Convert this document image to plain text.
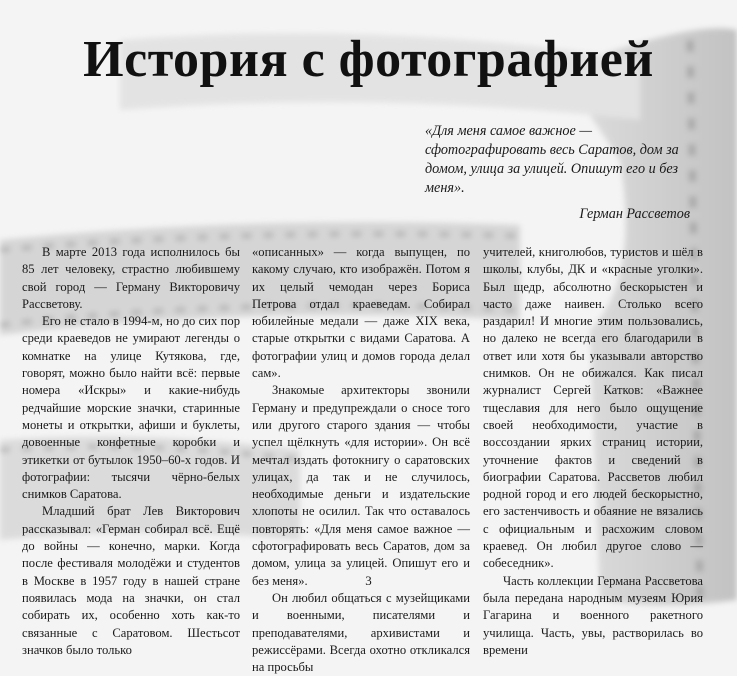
История с фотографией

«Для меня самое важное — сфотографировать весь Саратов, дом за домом, улица за улицей. Опишут его и без меня».

Герман Рассветов

В марте 2013 года исполнилось бы 85 лет человеку, страстно любившему свой город — Герману Викторовичу Рассветову.

Его не стало в 1994-м, но до сих пор среди краеведов не умирают легенды о комнатке на улице Кутякова, где, говорят, можно было найти всё: первые номера «Искры» и какие-нибудь редчайшие морские значки, старинные монеты и открытки, афиши и буклеты, довоенные конфетные коробки и этикетки от бутылок 1950–60-х годов. И фотографии: тысячи чёрно-белых снимков Саратова.

Младший брат Лев Викторович рассказывал: «Герман собирал всё. Ещё до войны — конечно, марки. Когда после фестиваля молодёжи и студентов в Москве в 1957 году в нашей стране появилась мода на значки, он стал собирать их, особенно хоть как-то связанные с Саратовом. Шестьсот значков было только

«описанных» — когда выпущен, по какому случаю, кто изображён. Потом я их целый чемодан через Бориса Петрова отдал краеведам. Собирал юбилейные медали — даже XIX века, старые открытки с видами Саратова. А фотографии улиц и домов города делал сам».

Знакомые архитекторы звонили Герману и предупреждали о сносе того или другого старого здания — чтобы успел щёлкнуть «для истории». Он всё мечтал издать фотокнигу о саратовских улицах, да так и не случилось, необходимые деньги и издательские хлопоты не осилил. Так что оставалось повторять: «Для меня самое важное — сфотографировать весь Саратов, дом за домом, улица за улицей. Опишут его и без меня».

Он любил общаться с музейщиками и военными, писателями и преподавателями, архивистами и режиссёрами. Всегда охотно откликался на просьбы

учителей, книголюбов, туристов и шёл в школы, клубы, ДК и «красные уголки». Был щедр, абсолютно бескорыстен и часто даже наивен. Столько всего раздарил! И многие этим пользовались, но далеко не всегда его благодарили в ответ или хотя бы указывали авторство снимков. Он не обижался. Как писал журналист Сергей Катков: «Важнее тщеславия для него было ощущение своей необходимости, участие в воссоздании ярких страниц истории, уточнение фактов и сведений в биографии Саратова. Рассветов любил родной город и его людей бескорыстно, его застенчивость и обаяние не вязались с официальным и расхожим словом краевед. Он любил другое слово — собеседник».

Часть коллекции Германа Рассветова была передана народным музеям Юрия Гагарина и военного ракетного училища. Часть, увы, растворилась во времени

3
